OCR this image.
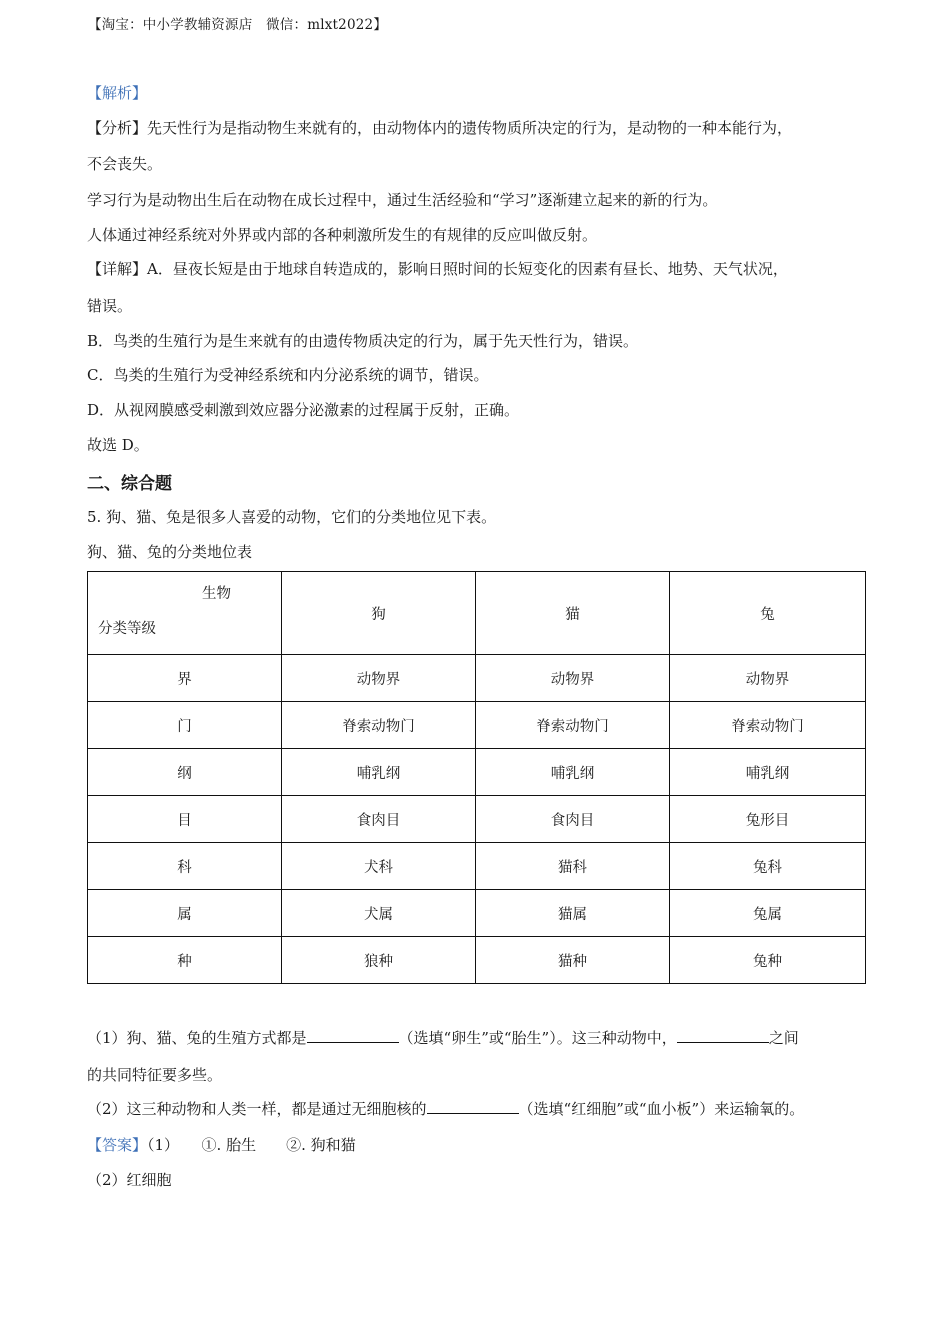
【淘宝：中小学教辅资源店　微信：mlxt2022】
【解析】
【分析】先天性行为是指动物生来就有的，由动物体内的遗传物质所决定的行为，是动物的一种本能行为，
不会丧失。
学习行为是动物出生后在动物在成长过程中，通过生活经验和“学习”逐渐建立起来的新的行为。
人体通过神经系统对外界或内部的各种刺激所发生的有规律的反应叫做反射。
【详解】A．昼夜长短是由于地球自转造成的，影响日照时间的长短变化的因素有昼长、地势、天气状况，
错误。
B．鸟类的生殖行为是生来就有的由遗传物质决定的行为，属于先天性行为，错误。
C．鸟类的生殖行为受神经系统和内分泌系统的调节，错误。
D．从视网膜感受刺激到效应器分泌激素的过程属于反射，正确。
故选 D。
二、综合题
5. 狗、猫、兔是很多人喜爱的动物，它们的分类地位见下表。
狗、猫、兔的分类地位表
生物
分类等级	狗	猫	兔
界	动物界	动物界	动物界
门	脊索动物门	脊索动物门	脊索动物门
纲	哺乳纲	哺乳纲	哺乳纲
目	食肉目	食肉目	兔形目
科	犬科	猫科	兔科
属	犬属	猫属	兔属
种	狼种	猫种	兔种
（1）狗、猫、兔的生殖方式都是	（选填“卵生”或“胎生”）。这三种动物中，	之间
的共同特征要多些。
（2）这三种动物和人类一样，都是通过无细胞核的	（选填“红细胞”或“血小板”）来运输氧的。
【答案】（1）　　①. 胎生　　②. 狗和猫
（2）红细胞
